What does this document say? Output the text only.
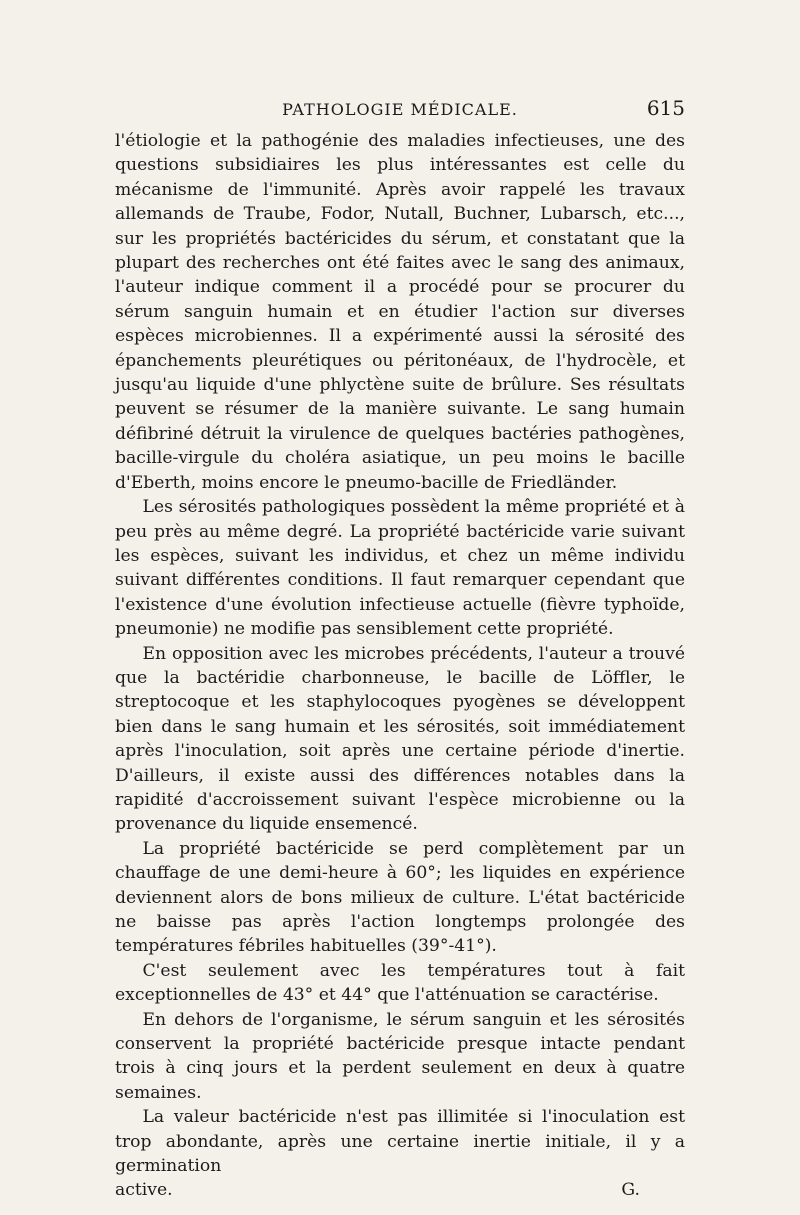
PATHOLOGIE MÉDICALE.	615

l'étiologie et la pathogénie des maladies infectieuses, une des questions subsidiaires les plus intéressantes est celle du mécanisme de l'immunité. Après avoir rappelé les travaux allemands de Traube, Fodor, Nutall, Buchner, Lubarsch, etc..., sur les propriétés bactéricides du sérum, et constatant que la plupart des recherches ont été faites avec le sang des animaux, l'auteur indique comment il a procédé pour se procurer du sérum sanguin humain et en étudier l'action sur diverses espèces microbiennes. Il a expérimenté aussi la sérosité des épanchements pleurétiques ou péritonéaux, de l'hydrocèle, et jusqu'au liquide d'une phlyctène suite de brûlure. Ses résultats peuvent se résumer de la manière suivante. Le sang humain défibriné détruit la virulence de quelques bactéries pathogènes, bacille-virgule du choléra asiatique, un peu moins le bacille d'Eberth, moins encore le pneumo-bacille de Friedländer.

Les sérosités pathologiques possèdent la même propriété et à peu près au même degré. La propriété bactéricide varie suivant les espèces, suivant les individus, et chez un même individu suivant différentes conditions. Il faut remarquer cependant que l'existence d'une évolution infectieuse actuelle (fièvre typhoïde, pneumonie) ne modifie pas sensiblement cette propriété.

En opposition avec les microbes précédents, l'auteur a trouvé que la bactéridie charbonneuse, le bacille de Löffler, le streptocoque et les staphylocoques pyogènes se développent bien dans le sang humain et les sérosités, soit immédiatement après l'inoculation, soit après une certaine période d'inertie. D'ailleurs, il existe aussi des différences notables dans la rapidité d'accroissement suivant l'espèce microbienne ou la provenance du liquide ensemencé.

La propriété bactéricide se perd complètement par un chauffage de une demi-heure à 60°; les liquides en expérience deviennent alors de bons milieux de culture. L'état bactéricide ne baisse pas après l'action longtemps prolongée des températures fébriles habituelles (39°-41°).

C'est seulement avec les températures tout à fait exceptionnelles de 43° et 44° que l'atténuation se caractérise.

En dehors de l'organisme, le sérum sanguin et les sérosités conservent la propriété bactéricide presque intacte pendant trois à cinq jours et la perdent seulement en deux à quatre semaines.

La valeur bactéricide n'est pas illimitée si l'inoculation est trop abondante, après une certaine inertie initiale, il y a germination

active.	G.
